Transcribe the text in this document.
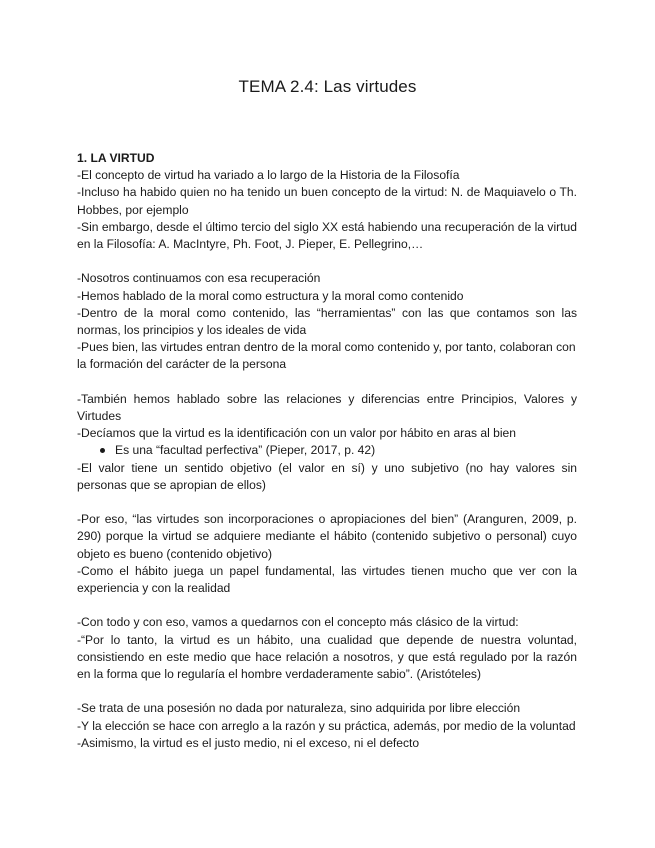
TEMA 2.4: Las virtudes

1. LA VIRTUD

-El concepto de virtud ha variado a lo largo de la Historia de la Filosofía

-Incluso ha habido quien no ha tenido un buen concepto de la virtud: N. de Maquiavelo o Th. Hobbes, por ejemplo

-Sin embargo, desde el último tercio del siglo XX está habiendo una recuperación de la virtud en la Filosofía: A. MacIntyre, Ph. Foot, J. Pieper, E. Pellegrino,…

-Nosotros continuamos con esa recuperación

-Hemos hablado de la moral como estructura y la moral como contenido

-Dentro de la moral como contenido, las “herramientas” con las que contamos son las normas, los principios y los ideales de vida

-Pues bien, las virtudes entran dentro de la moral como contenido y, por tanto, colaboran con la formación del carácter de la persona

-También hemos hablado sobre las relaciones y diferencias entre Principios, Valores y Virtudes

-Decíamos que la virtud es la identificación con un valor por hábito en aras al bien

Es una “facultad perfectiva” (Pieper, 2017, p. 42)

-El valor tiene un sentido objetivo (el valor en sí) y uno subjetivo (no hay valores sin personas que se apropian de ellos)

-Por eso, “las virtudes son incorporaciones o apropiaciones del bien” (Aranguren, 2009, p. 290) porque la virtud se adquiere mediante el hábito (contenido subjetivo o personal) cuyo objeto es bueno (contenido objetivo)

-Como el hábito juega un papel fundamental, las virtudes tienen mucho que ver con la experiencia y con la realidad

-Con todo y con eso, vamos a quedarnos con el concepto más clásico de la virtud:

-“Por lo tanto, la virtud es un hábito, una cualidad que depende de nuestra voluntad, consistiendo en este medio que hace relación a nosotros, y que está regulado por la razón en la forma que lo regularía el hombre verdaderamente sabio”. (Aristóteles)

-Se trata de una posesión no dada por naturaleza, sino adquirida por libre elección

-Y la elección se hace con arreglo a la razón y su práctica, además, por medio de la voluntad

-Asimismo, la virtud es el justo medio, ni el exceso, ni el defecto
